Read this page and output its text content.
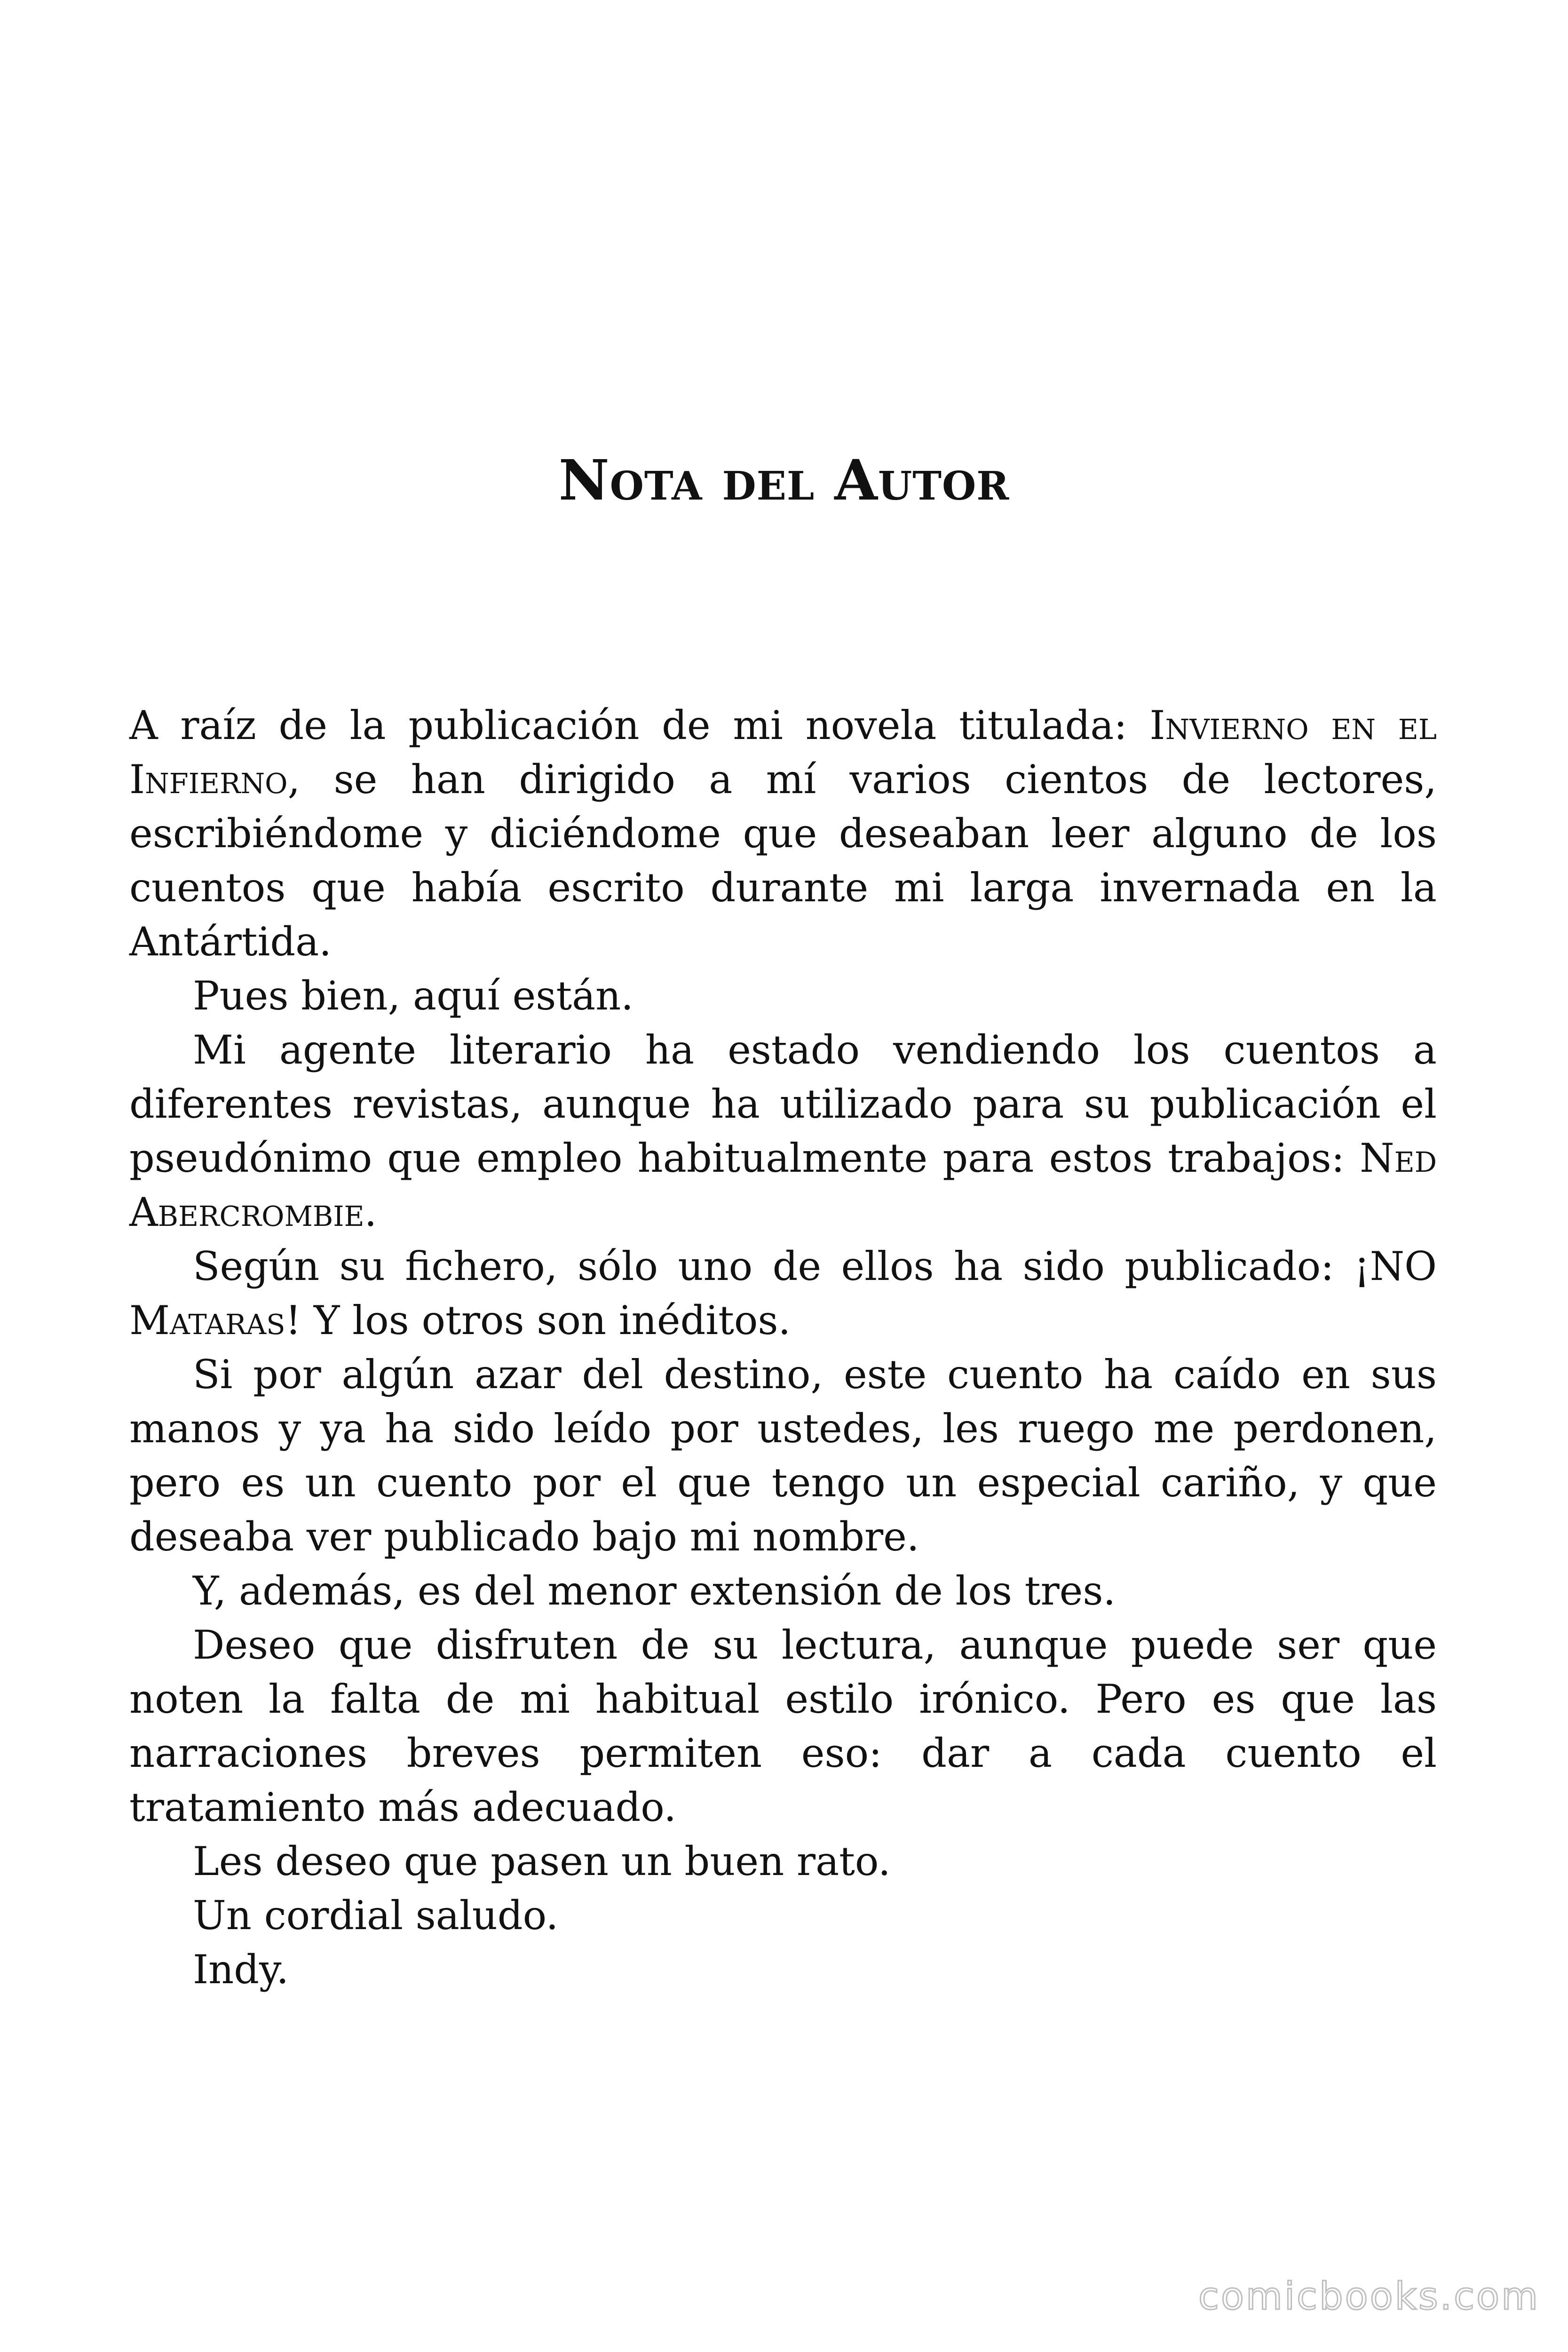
Nota del Autor

A raíz de la publicación de mi novela titulada: Invierno en el Infierno, se han dirigido a mí varios cientos de lectores, escribiéndome y diciéndome que deseaban leer alguno de los cuentos que había escrito durante mi larga invernada en la Antártida.

Pues bien, aquí están.

Mi agente literario ha estado vendiendo los cuentos a diferentes revistas, aunque ha utilizado para su publicación el pseudónimo que empleo habitualmente para estos trabajos: Ned Abercrombie.

Según su fichero, sólo uno de ellos ha sido publicado: ¡NO Mataras! Y los otros son inéditos.

Si por algún azar del destino, este cuento ha caído en sus manos y ya ha sido leído por ustedes, les ruego me perdonen, pero es un cuento por el que tengo un especial cariño, y que deseaba ver publicado bajo mi nombre.

Y, además, es del menor extensión de los tres.

Deseo que disfruten de su lectura, aunque puede ser que noten la falta de mi habitual estilo irónico. Pero es que las narraciones breves permiten eso: dar a cada cuento el tratamiento más adecuado.

Les deseo que pasen un buen rato.

Un cordial saludo.

Indy.

comicbooks.com
